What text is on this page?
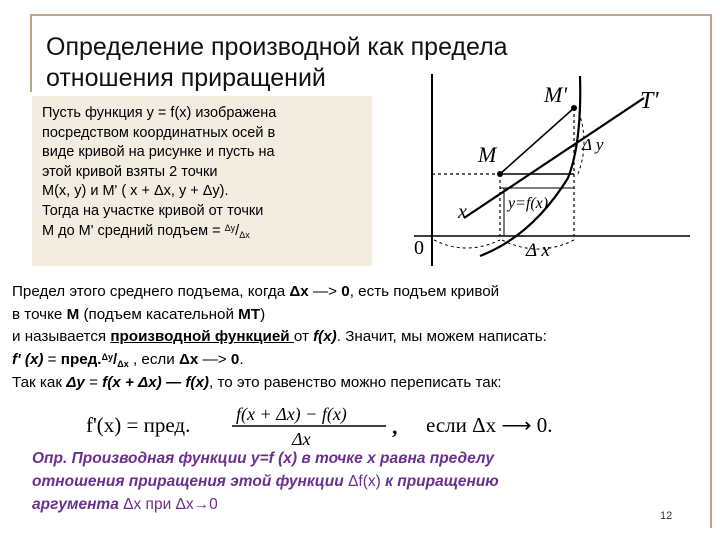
Определение производной как предела
отношения приращений
Пусть функция y = f(x) изображена
посредством координатных осей в
виде кривой на рисунке и пусть на
этой кривой взяты 2 точки
M(x, y) и M' ( x + Δx, y + Δy).
Тогда на участке кривой от точки
M до M' средний подъем = $^{\Delta y}/_{\Delta x}$
M'	T'
M	Δ y
y=f(x)
x
Δ x
0
Предел этого среднего подъема, когда Δx —> 0, есть подъем кривой
в точке M (подъем касательной MT)
и называется производной функцией от f(x). Значит, мы можем написать:
f' (x) = пред.$^{\Delta y}$/Δx , если Δx —> 0.
Так как Δy = f(x + Δx) — f(x), то это равенство можно переписать так:
f'(x) = пред.	f(x + Δx) − f(x)
Δx	, если Δx ⟶ 0.
Опр. Производная функции y=f (x) в точке x равна пределу
отношения приращения этой функции Δf(x) к приращению
аргумента Δx при Δx→0
12
